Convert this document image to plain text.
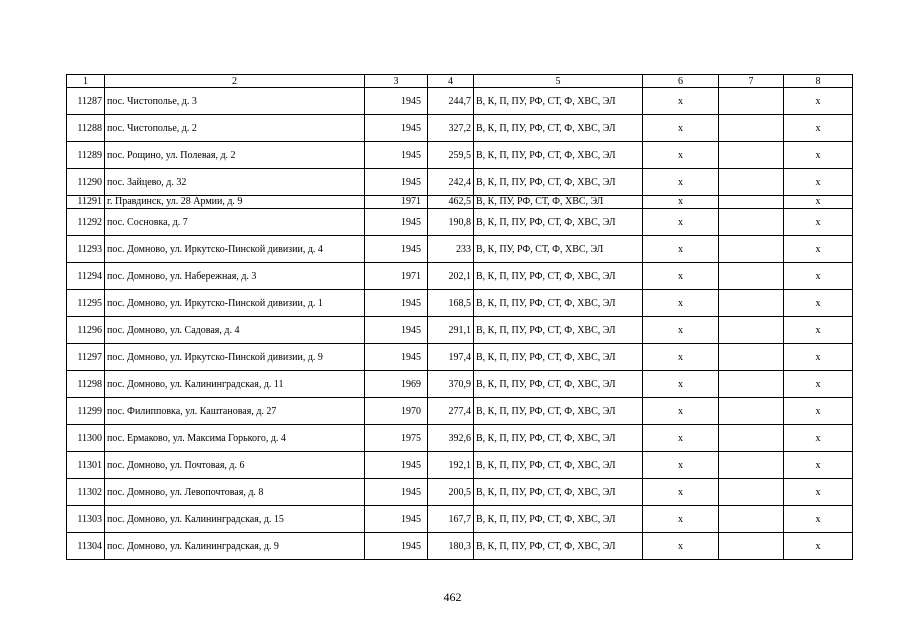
1	2	3	4	5	6	7	8
11287	пос. Чистополье, д. 3	1945	244,7	В, К, П, ПУ, РФ, СТ, Ф, ХВС, ЭЛ	х		х
11288	пос. Чистополье, д. 2	1945	327,2	В, К, П, ПУ, РФ, СТ, Ф, ХВС, ЭЛ	х		х
11289	пос. Рощино, ул. Полевая, д. 2	1945	259,5	В, К, П, ПУ, РФ, СТ, Ф, ХВС, ЭЛ	х		х
11290	пос. Зайцево, д. 32	1945	242,4	В, К, П, ПУ, РФ, СТ, Ф, ХВС, ЭЛ	х		х
11291	г. Правдинск, ул. 28 Армии, д. 9	1971	462,5	В, К, ПУ, РФ, СТ, Ф, ХВС, ЭЛ	х		х
11292	пос. Сосновка, д. 7	1945	190,8	В, К, П, ПУ, РФ, СТ, Ф, ХВС, ЭЛ	х		х
11293	пос. Домново, ул. Иркутско-Пинской дивизии, д. 4	1945	233	В, К, ПУ, РФ, СТ, Ф, ХВС, ЭЛ	х		х
11294	пос. Домново, ул. Набережная, д. 3	1971	202,1	В, К, П, ПУ, РФ, СТ, Ф, ХВС, ЭЛ	х		х
11295	пос. Домново, ул. Иркутско-Пинской дивизии, д. 1	1945	168,5	В, К, П, ПУ, РФ, СТ, Ф, ХВС, ЭЛ	х		х
11296	пос. Домново, ул. Садовая, д. 4	1945	291,1	В, К, П, ПУ, РФ, СТ, Ф, ХВС, ЭЛ	х		х
11297	пос. Домново, ул. Иркутско-Пинской дивизии, д. 9	1945	197,4	В, К, П, ПУ, РФ, СТ, Ф, ХВС, ЭЛ	х		х
11298	пос. Домново, ул. Калининградская, д. 11	1969	370,9	В, К, П, ПУ, РФ, СТ, Ф, ХВС, ЭЛ	х		х
11299	пос. Филипповка, ул. Каштановая, д. 27	1970	277,4	В, К, П, ПУ, РФ, СТ, Ф, ХВС, ЭЛ	х		х
11300	пос. Ермаково, ул. Максима Горького, д. 4	1975	392,6	В, К, П, ПУ, РФ, СТ, Ф, ХВС, ЭЛ	х		х
11301	пос. Домново, ул. Почтовая, д. 6	1945	192,1	В, К, П, ПУ, РФ, СТ, Ф, ХВС, ЭЛ	х		х
11302	пос. Домново, ул. Левопочтовая, д. 8	1945	200,5	В, К, П, ПУ, РФ, СТ, Ф, ХВС, ЭЛ	х		х
11303	пос. Домново, ул. Калининградская, д. 15	1945	167,7	В, К, П, ПУ, РФ, СТ, Ф, ХВС, ЭЛ	х		х
11304	пос. Домново, ул. Калининградская, д. 9	1945	180,3	В, К, П, ПУ, РФ, СТ, Ф, ХВС, ЭЛ	х		х
462
